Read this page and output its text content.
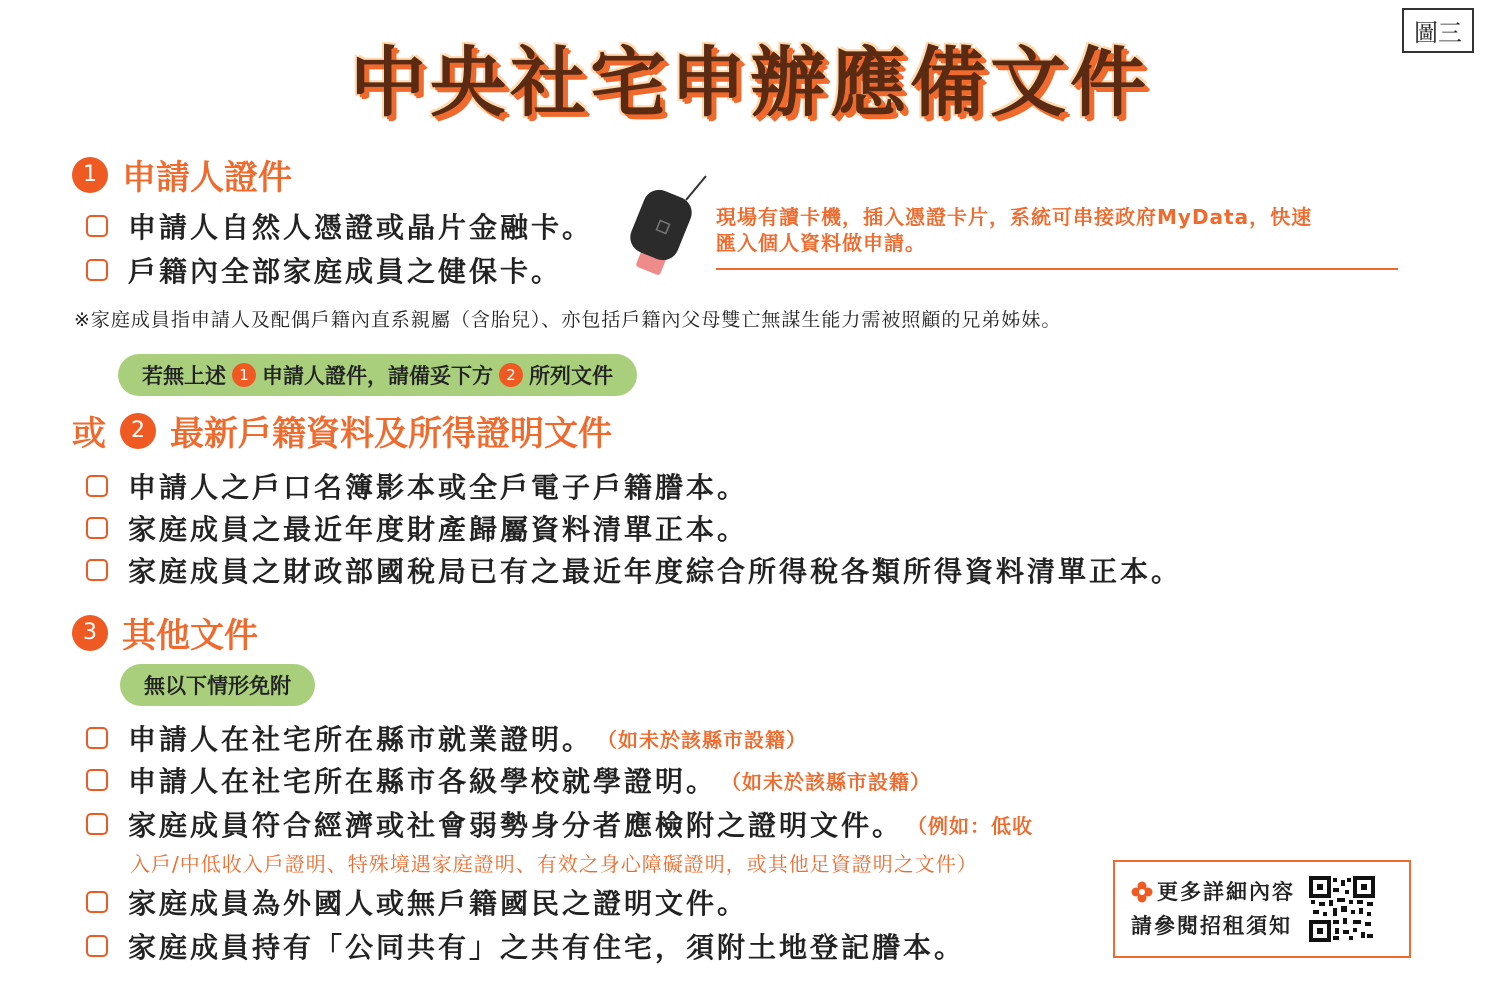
圖三
中央社宅申辦應備文件
1 申請人證件
申請人自然人憑證或晶片金融卡。
戶籍內全部家庭成員之健保卡。
現場有讀卡機，插入憑證卡片，系統可串接政府MyData，快速
匯入個人資料做申請。
※家庭成員指申請人及配偶戶籍內直系親屬（含胎兒）、亦包括戶籍內父母雙亡無謀生能力需被照顧的兄弟姊妹。
若無上述 1 申請人證件，請備妥下方 2 所列文件
或	2 最新戶籍資料及所得證明文件
申請人之戶口名簿影本或全戶電子戶籍謄本。
家庭成員之最近年度財產歸屬資料清單正本。
家庭成員之財政部國稅局已有之最近年度綜合所得稅各類所得資料清單正本。
3 其他文件
無以下情形免附
申請人在社宅所在縣市就業證明。 （如未於該縣市設籍）
申請人在社宅所在縣市各級學校就學證明。 （如未於該縣市設籍）
家庭成員符合經濟或社會弱勢身分者應檢附之證明文件。 （例如：低收
入戶/中低收入戶證明、特殊境遇家庭證明、有效之身心障礙證明，或其他足資證明之文件）
家庭成員為外國人或無戶籍國民之證明文件。
家庭成員持有「公同共有」之共有住宅，須附土地登記謄本。
更多詳細內容
請參閱招租須知
